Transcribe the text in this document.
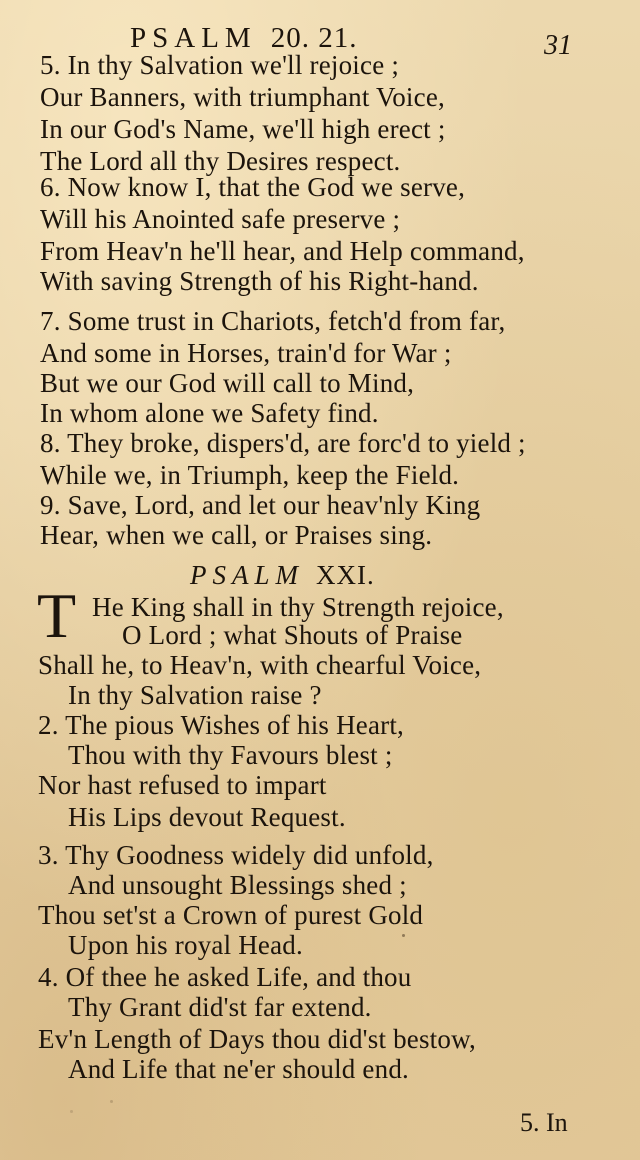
PSALM 20. 21.	31
5. In thy Salvation we'll rejoice ;
Our Banners, with triumphant Voice,
In our God's Name, we'll high erect ;
The Lord all thy Desires respect.
6. Now know I, that the God we serve,
Will his Anointed safe preserve ;
From Heav'n he'll hear, and Help command,
With saving Strength of his Right-hand.
7. Some trust in Chariots, fetch'd from far,
And some in Horses, train'd for War ;
But we our God will call to Mind,
In whom alone we Safety find.
8. They broke, dispers'd, are forc'd to yield ;
While we, in Triumph, keep the Field.
9. Save, Lord, and let our heav'nly King
Hear, when we call, or Praises sing.
PSALM XXI.
T He King shall in thy Strength rejoice,
O Lord ; what Shouts of Praise
Shall he, to Heav'n, with chearful Voice,
In thy Salvation raise ?
2. The pious Wishes of his Heart,
Thou with thy Favours blest ;
Nor hast refused to impart
His Lips devout Request.
3. Thy Goodness widely did unfold,
And unsought Blessings shed ;
Thou set'st a Crown of purest Gold
Upon his royal Head.
4. Of thee he asked Life, and thou
Thy Grant did'st far extend.
Ev'n Length of Days thou did'st bestow,
And Life that ne'er should end.
5. In
